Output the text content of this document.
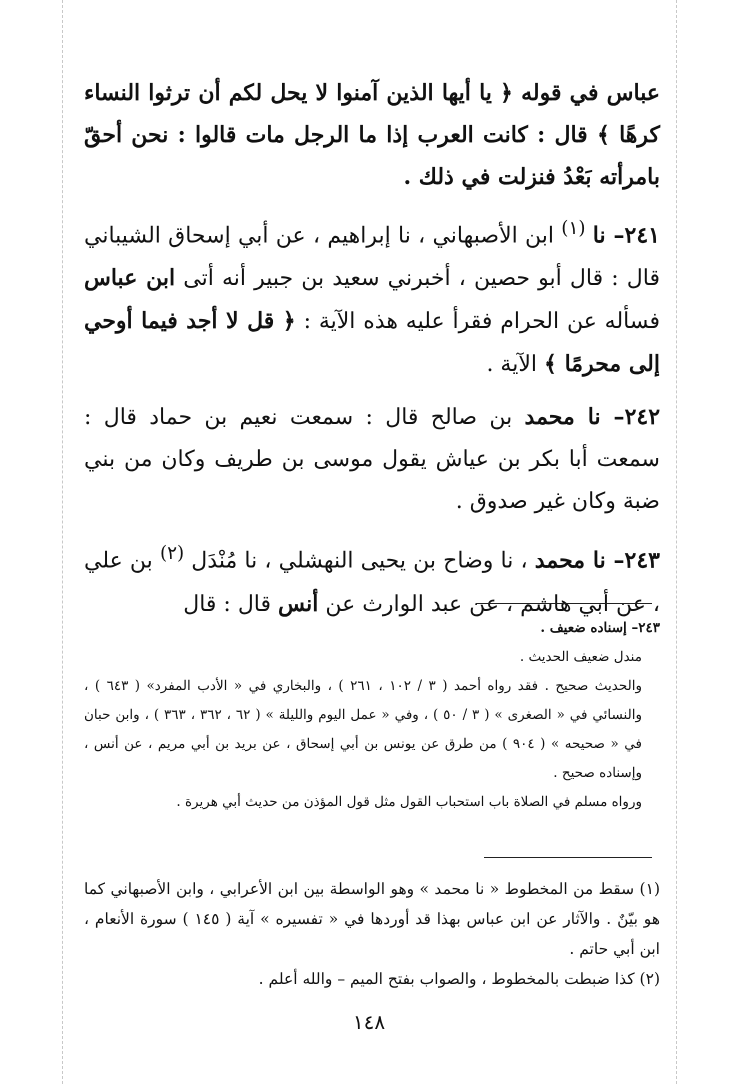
عباس في قوله ﴿ يا أيها الذين آمنوا لا يحل لكم أن ترثوا النساء كرهًا ﴾ قال : كانت العرب إذا ما الرجل مات قالوا : نحن أحقّ بامرأته بَعْدُ فنزلت في ذلك .

٢٤١– نا $^{(١)}$ ابن الأصبهاني ، نا إبراهيم ، عن أبي إسحاق الشيباني قال : قال أبو حصين ، أخبرني سعيد بن جبير أنه أتى ابن عباس فسأله عن الحرام فقرأ عليه هذه الآية : ﴿ قل لا أجد فيما أوحي إلى محرمًا ﴾ الآية .

٢٤٢– نا محمد بن صالح قال : سمعت نعيم بن حماد قال : سمعت أبا بكر بن عياش يقول موسى بن طريف وكان من بني ضبة وكان غير صدوق .

٢٤٣– نا محمد ، نا وضاح بن يحيى النهشلي ، نا مُنْدَل $^{(٢)}$ بن علي ، عن أبي هاشم ، عن عبد الوارث عن أنس قال : قال

٢٤٣– إسناده ضعيف .

مندل ضعيف الحديث .

والحديث صحيح . فقد رواه أحمد ( ٣ / ١٠٢ ، ٢٦١ ) ، والبخاري في « الأدب المفرد» ( ٦٤٣ ) ، والنسائي في « الصغرى » ( ٣ / ٥٠ ) ، وفي « عمل اليوم والليلة » ( ٦٢ ، ٣٦٢ ، ٣٦٣ ) ، وابن حبان في « صحيحه » ( ٩٠٤ ) من طرق عن يونس بن أبي إسحاق ، عن بريد بن أبي مريم ، عن أنس ، وإسناده صحيح .

ورواه مسلم في الصلاة باب استحباب القول مثل قول المؤذن من حديث أبي هريرة .

(١) سقط من المخطوط « نا محمد » وهو الواسطة بين ابن الأعرابي ، وابن الأصبهاني كما هو بيّنٌ . والآثار عن ابن عباس بهذا قد أوردها في « تفسيره » آية ( ١٤٥ ) سورة الأنعام ، ابن أبي حاتم .

(٢) كذا ضبطت بالمخطوط ، والصواب بفتح الميم – والله أعلم .

١٤٨
